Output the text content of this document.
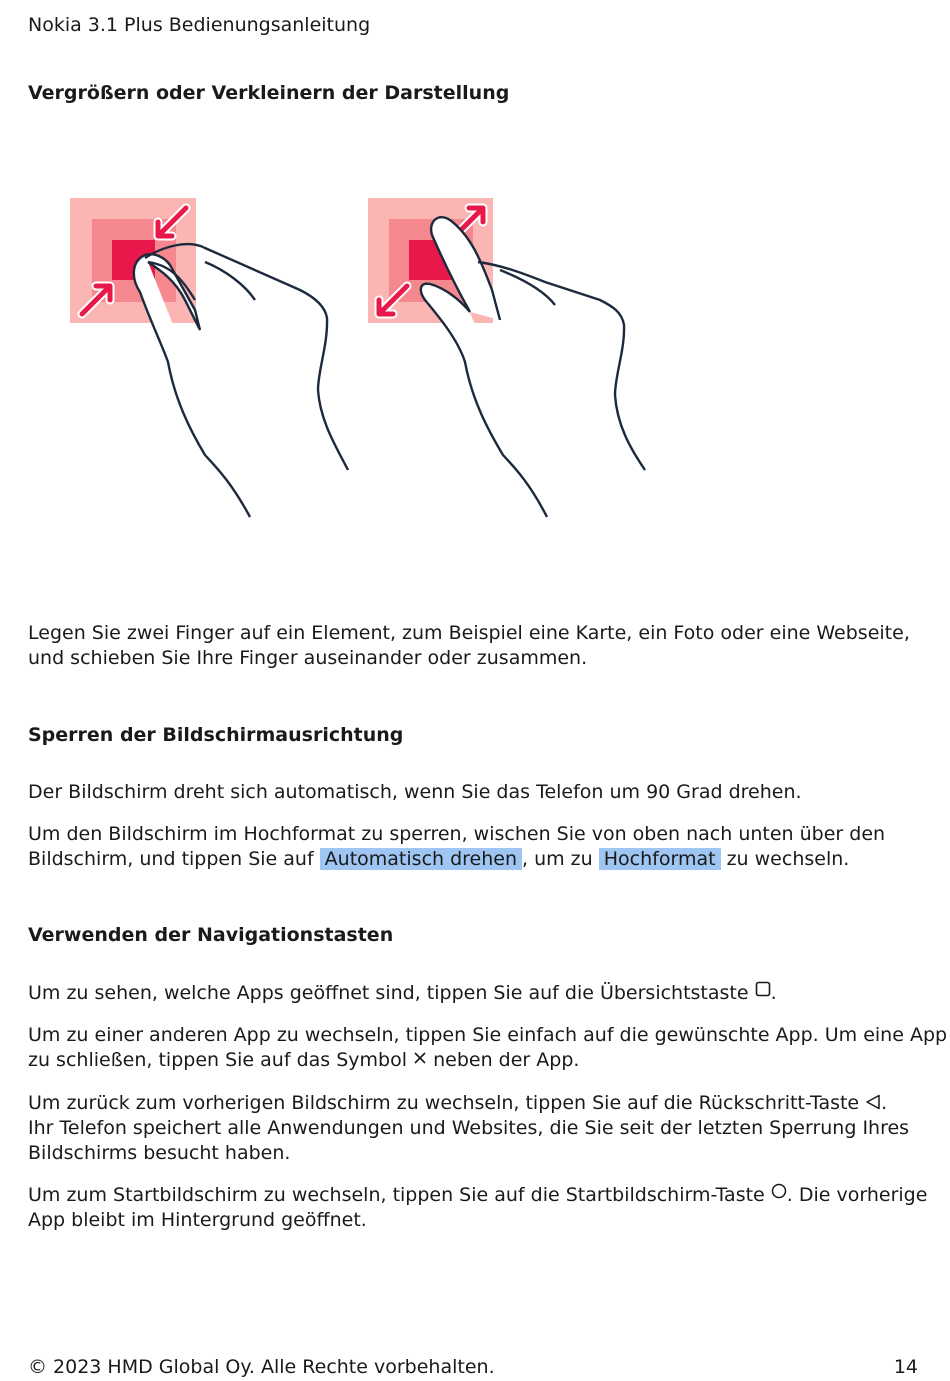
Nokia 3.1 Plus Bedienungsanleitung
Vergrößern oder Verkleinern der Darstellung
Legen Sie zwei Finger auf ein Element, zum Beispiel eine Karte, ein Foto oder eine Webseite,
und schieben Sie Ihre Finger auseinander oder zusammen.
Sperren der Bildschirmausrichtung
Der Bildschirm dreht sich automatisch, wenn Sie das Telefon um 90 Grad drehen.
Um den Bildschirm im Hochformat zu sperren, wischen Sie von oben nach unten über den
Bildschirm, und tippen Sie auf Automatisch drehen , um zu Hochformat zu wechseln.
Verwenden der Navigationstasten
Um zu sehen, welche Apps geöffnet sind, tippen Sie auf die Übersichtstaste .
Um zu einer anderen App zu wechseln, tippen Sie einfach auf die gewünschte App. Um eine App
zu schließen, tippen Sie auf das Symbol neben der App.
Um zurück zum vorherigen Bildschirm zu wechseln, tippen Sie auf die Rückschritt-Taste .
Ihr Telefon speichert alle Anwendungen und Websites, die Sie seit der letzten Sperrung Ihres
Bildschirms besucht haben.
Um zum Startbildschirm zu wechseln, tippen Sie auf die Startbildschirm-Taste . Die vorherige
App bleibt im Hintergrund geöffnet.
© 2023 HMD Global Oy. Alle Rechte vorbehalten.	14
